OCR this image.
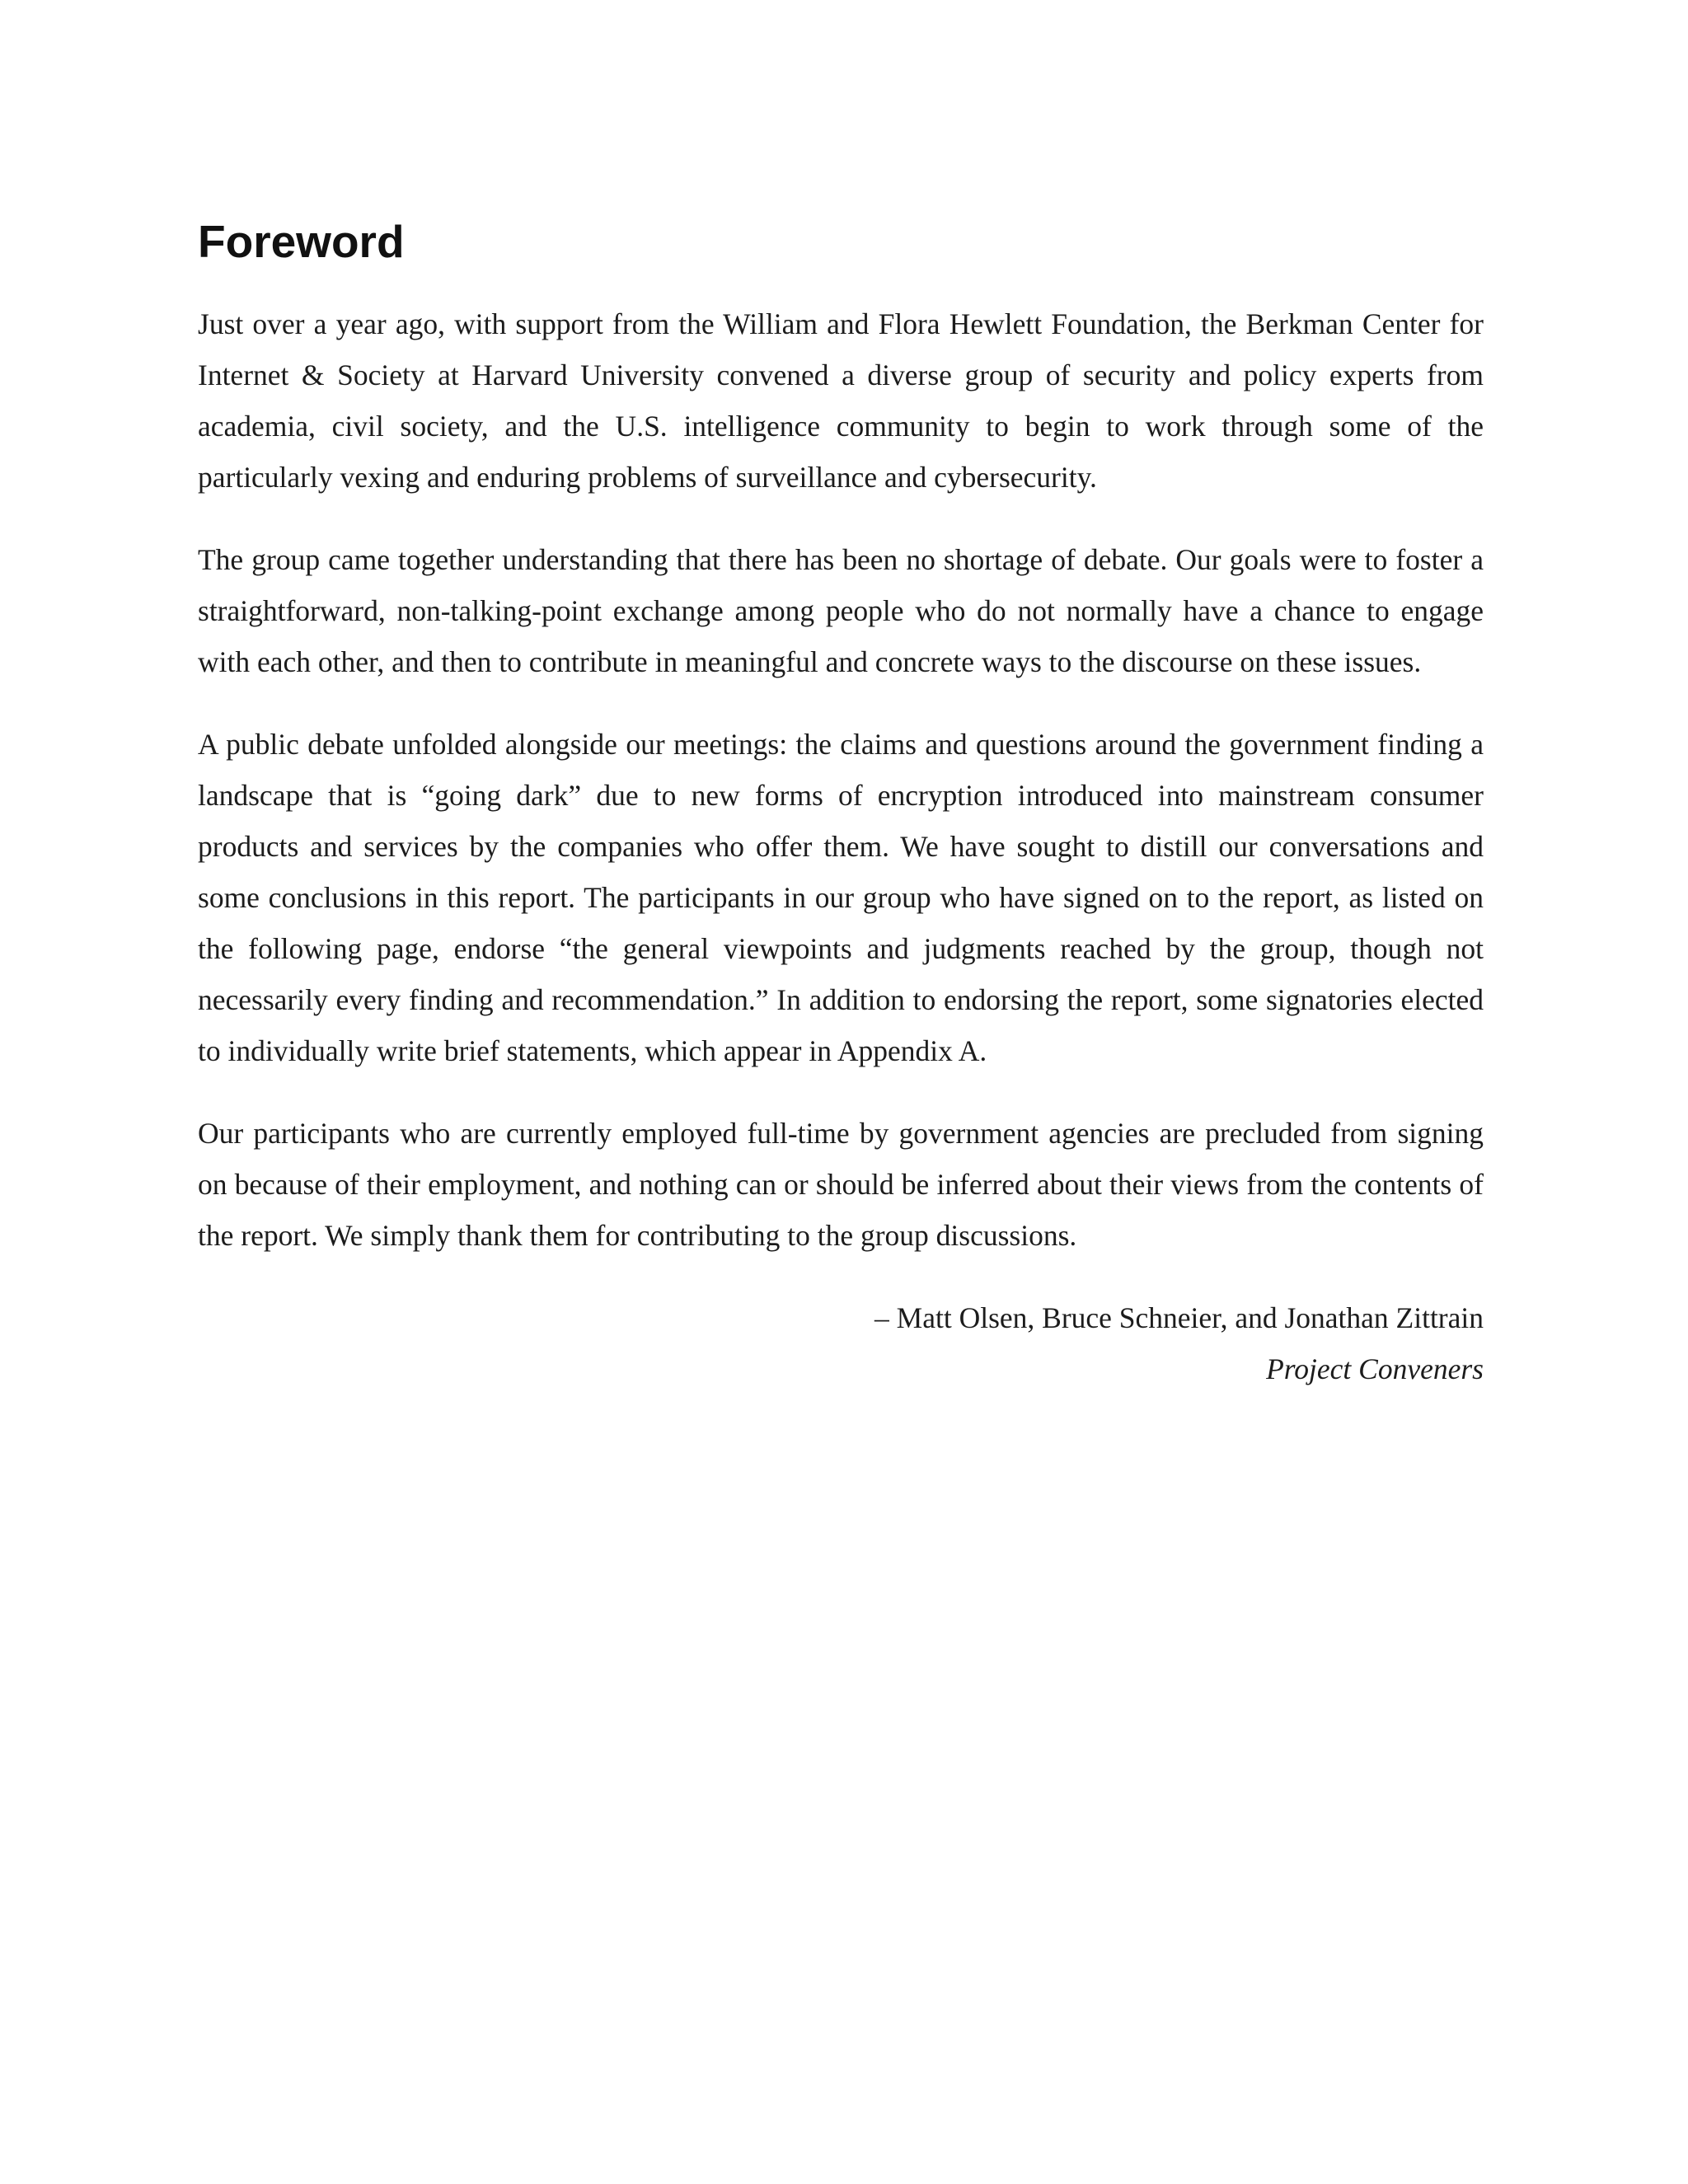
Foreword

Just over a year ago, with support from the William and Flora Hewlett Foundation, the Berkman Center for Internet & Society at Harvard University convened a diverse group of security and policy experts from academia, civil society, and the U.S. intelligence community to begin to work through some of the particularly vexing and enduring problems of surveillance and cybersecurity.

The group came together understanding that there has been no shortage of debate. Our goals were to foster a straightforward, non-talking-point exchange among people who do not normally have a chance to engage with each other, and then to contribute in meaningful and concrete ways to the discourse on these issues.

A public debate unfolded alongside our meetings: the claims and questions around the government finding a landscape that is “going dark” due to new forms of encryption introduced into mainstream consumer products and services by the companies who offer them. We have sought to distill our conversations and some conclusions in this report. The participants in our group who have signed on to the report, as listed on the following page, endorse “the general viewpoints and judgments reached by the group, though not necessarily every finding and recommendation.” In addition to endorsing the report, some signatories elected to individually write brief statements, which appear in Appendix A.

Our participants who are currently employed full-time by government agencies are precluded from signing on because of their employment, and nothing can or should be inferred about their views from the contents of the report. We simply thank them for contributing to the group discussions.

– Matt Olsen, Bruce Schneier, and Jonathan Zittrain

Project Conveners
